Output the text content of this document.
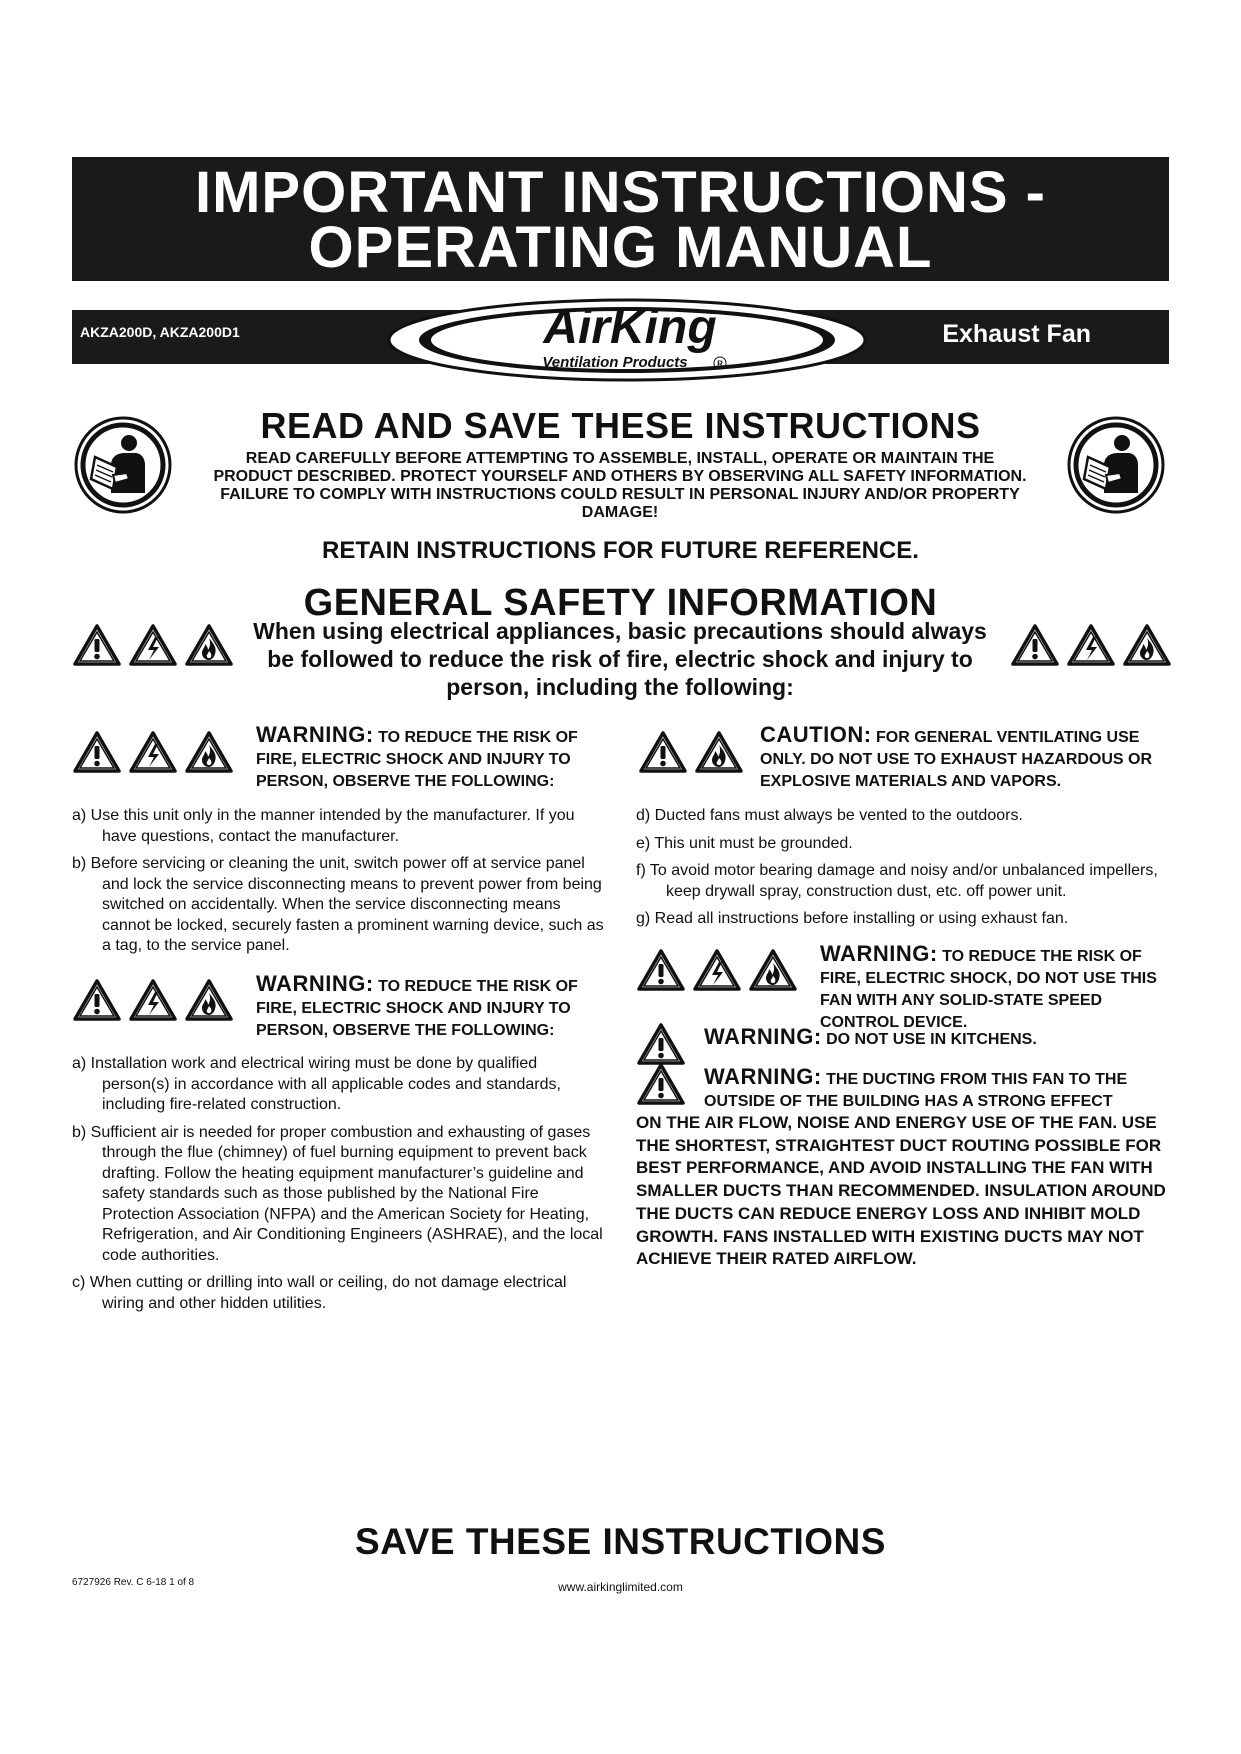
IMPORTANT INSTRUCTIONS -
OPERATING MANUAL
AKZA200D, AKZA200D1	Exhaust Fan
AirKing
Ventilation Products	R
READ AND SAVE THESE INSTRUCTIONS
READ CAREFULLY BEFORE ATTEMPTING TO ASSEMBLE, INSTALL, OPERATE OR MAINTAIN THE PRODUCT DESCRIBED. PROTECT YOURSELF AND OTHERS BY OBSERVING ALL SAFETY INFORMATION. FAILURE TO COMPLY WITH INSTRUCTIONS COULD RESULT IN PERSONAL INJURY AND/OR PROPERTY DAMAGE!
RETAIN INSTRUCTIONS FOR FUTURE REFERENCE.
GENERAL SAFETY INFORMATION
When using electrical appliances, basic precautions should always be followed to reduce the risk of fire, electric shock and injury to person, including the following:
WARNING: TO REDUCE THE RISK OF FIRE, ELECTRIC SHOCK AND INJURY TO PERSON, OBSERVE THE FOLLOWING:
a) Use this unit only in the manner intended by the manufacturer. If you have questions, contact the manufacturer.
b) Before servicing or cleaning the unit, switch power off at service panel and lock the service disconnecting means to prevent power from being switched on accidentally. When the service disconnecting means cannot be locked, securely fasten a prominent warning device, such as a tag, to the service panel.
WARNING: TO REDUCE THE RISK OF FIRE, ELECTRIC SHOCK AND INJURY TO PERSON, OBSERVE THE FOLLOWING:
a) Installation work and electrical wiring must be done by qualified person(s) in accordance with all applicable codes and standards, including fire-related construction.
b) Sufficient air is needed for proper combustion and exhausting of gases through the flue (chimney) of fuel burning equipment to prevent back drafting. Follow the heating equipment manufacturer’s guideline and safety standards such as those published by the National Fire Protection Association (NFPA) and the American Society for Heating, Refrigeration, and Air Conditioning Engineers (ASHRAE), and the local code authorities.
c) When cutting or drilling into wall or ceiling, do not damage electrical wiring and other hidden utilities.
CAUTION: FOR GENERAL VENTILATING USE ONLY. DO NOT USE TO EXHAUST HAZARDOUS OR EXPLOSIVE MATERIALS AND VAPORS.
d) Ducted fans must always be vented to the outdoors.
e) This unit must be grounded.
f) To avoid motor bearing damage and noisy and/or unbalanced impellers, keep drywall spray, construction dust, etc. off power unit.
g) Read all instructions before installing or using exhaust fan.
WARNING: TO REDUCE THE RISK OF FIRE, ELECTRIC SHOCK, DO NOT USE THIS FAN WITH ANY SOLID-STATE SPEED CONTROL DEVICE.
WARNING: DO NOT USE IN KITCHENS.
WARNING: THE DUCTING FROM THIS FAN TO THE
OUTSIDE OF THE BUILDING HAS A STRONG EFFECT
ON THE AIR FLOW, NOISE AND ENERGY USE OF THE FAN. USE THE SHORTEST, STRAIGHTEST DUCT ROUTING POSSIBLE FOR BEST PERFORMANCE, AND AVOID INSTALLING THE FAN WITH SMALLER DUCTS THAN RECOMMENDED. INSULATION AROUND THE DUCTS CAN REDUCE ENERGY LOSS AND INHIBIT MOLD GROWTH. FANS INSTALLED WITH EXISTING DUCTS MAY NOT ACHIEVE THEIR RATED AIRFLOW.
SAVE THESE INSTRUCTIONS
6727926 Rev. C 6-18 1 of 8	www.airkinglimited.com
